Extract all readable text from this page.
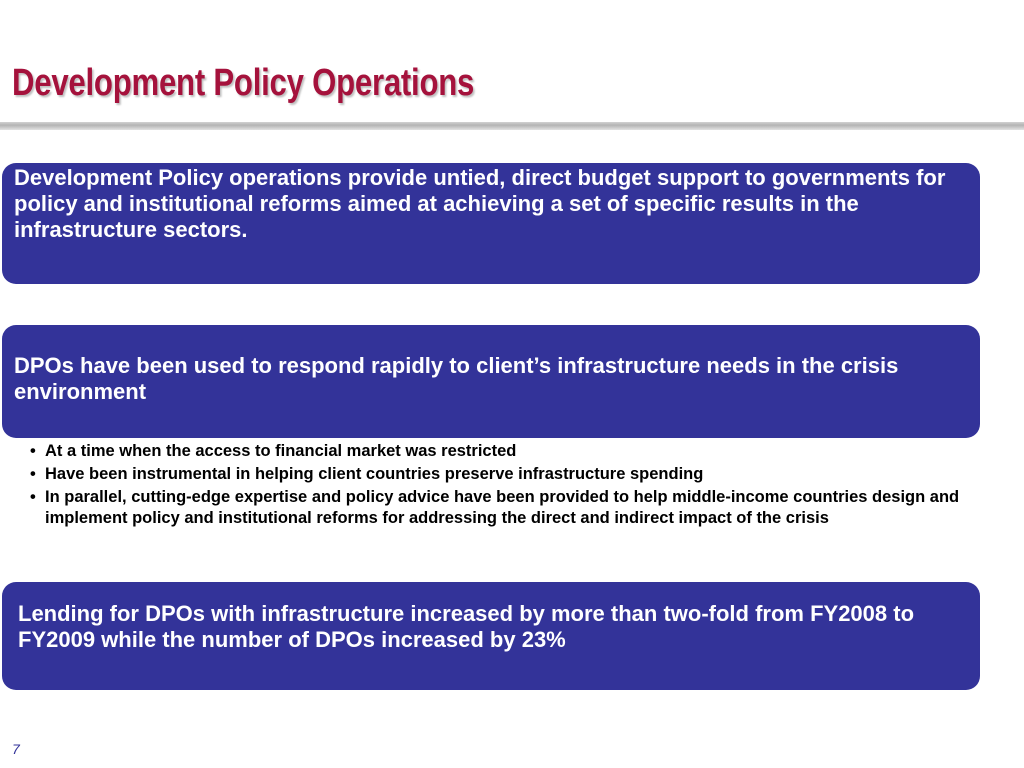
Development Policy Operations
Development Policy operations provide untied, direct budget support to governments for policy and institutional reforms aimed at achieving a set of specific results in the infrastructure sectors.
DPOs have been used to respond rapidly to client’s infrastructure needs in the crisis environment
• At a time when the access to financial market was restricted
• Have been instrumental in helping client countries preserve infrastructure spending
• In parallel, cutting-edge expertise and policy advice have been provided to help middle-income countries design and implement policy and institutional reforms for addressing the direct and indirect impact of the crisis
Lending for DPOs with infrastructure increased by more than two-fold from FY2008 to FY2009 while the number of DPOs increased by 23%
7
